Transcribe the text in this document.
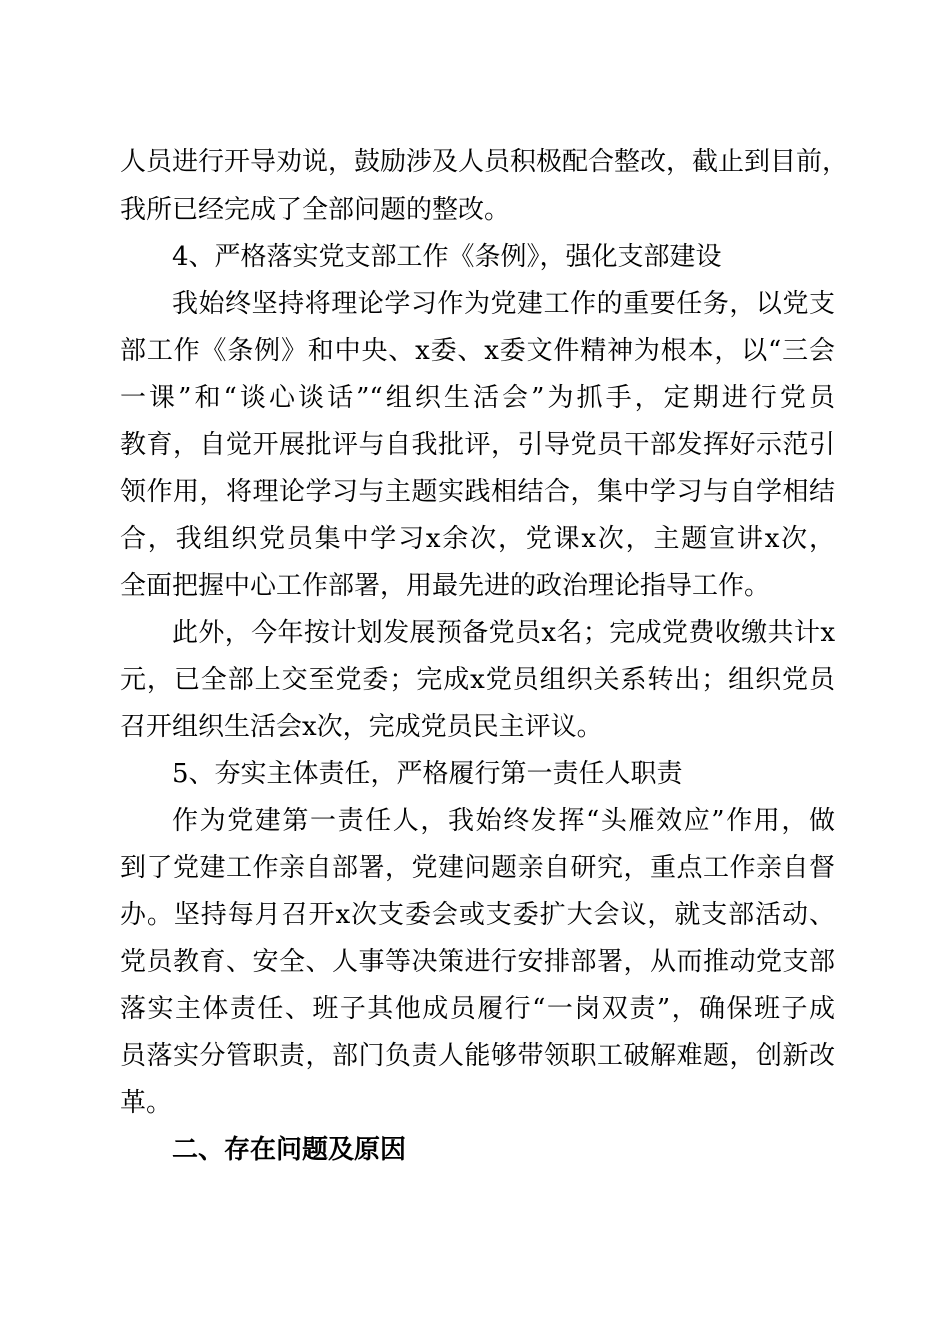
人员进行开导劝说，鼓励涉及人员积极配合整改，截止到目前，
我所已经完成了全部问题的整改。
4、严格落实党支部工作《条例》，强化支部建设
我始终坚持将理论学习作为党建工作的重要任务，以党支
部工作《条例》和中央、x委、x委文件精神为根本，以“三会
一课”和“谈心谈话”“组织生活会”为抓手，定期进行党员
教育，自觉开展批评与自我批评，引导党员干部发挥好示范引
领作用，将理论学习与主题实践相结合，集中学习与自学相结
合，我组织党员集中学习x余次，党课x次，主题宣讲x次，
全面把握中心工作部署，用最先进的政治理论指导工作。
此外，今年按计划发展预备党员x名；完成党费收缴共计x
元，已全部上交至党委；完成x党员组织关系转出；组织党员
召开组织生活会x次，完成党员民主评议。
5、夯实主体责任，严格履行第一责任人职责
作为党建第一责任人，我始终发挥“头雁效应”作用，做
到了党建工作亲自部署，党建问题亲自研究，重点工作亲自督
办。坚持每月召开x次支委会或支委扩大会议，就支部活动、
党员教育、安全、人事等决策进行安排部署，从而推动党支部
落实主体责任、班子其他成员履行“一岗双责”，确保班子成
员落实分管职责，部门负责人能够带领职工破解难题，创新改
革。
二、存在问题及原因
